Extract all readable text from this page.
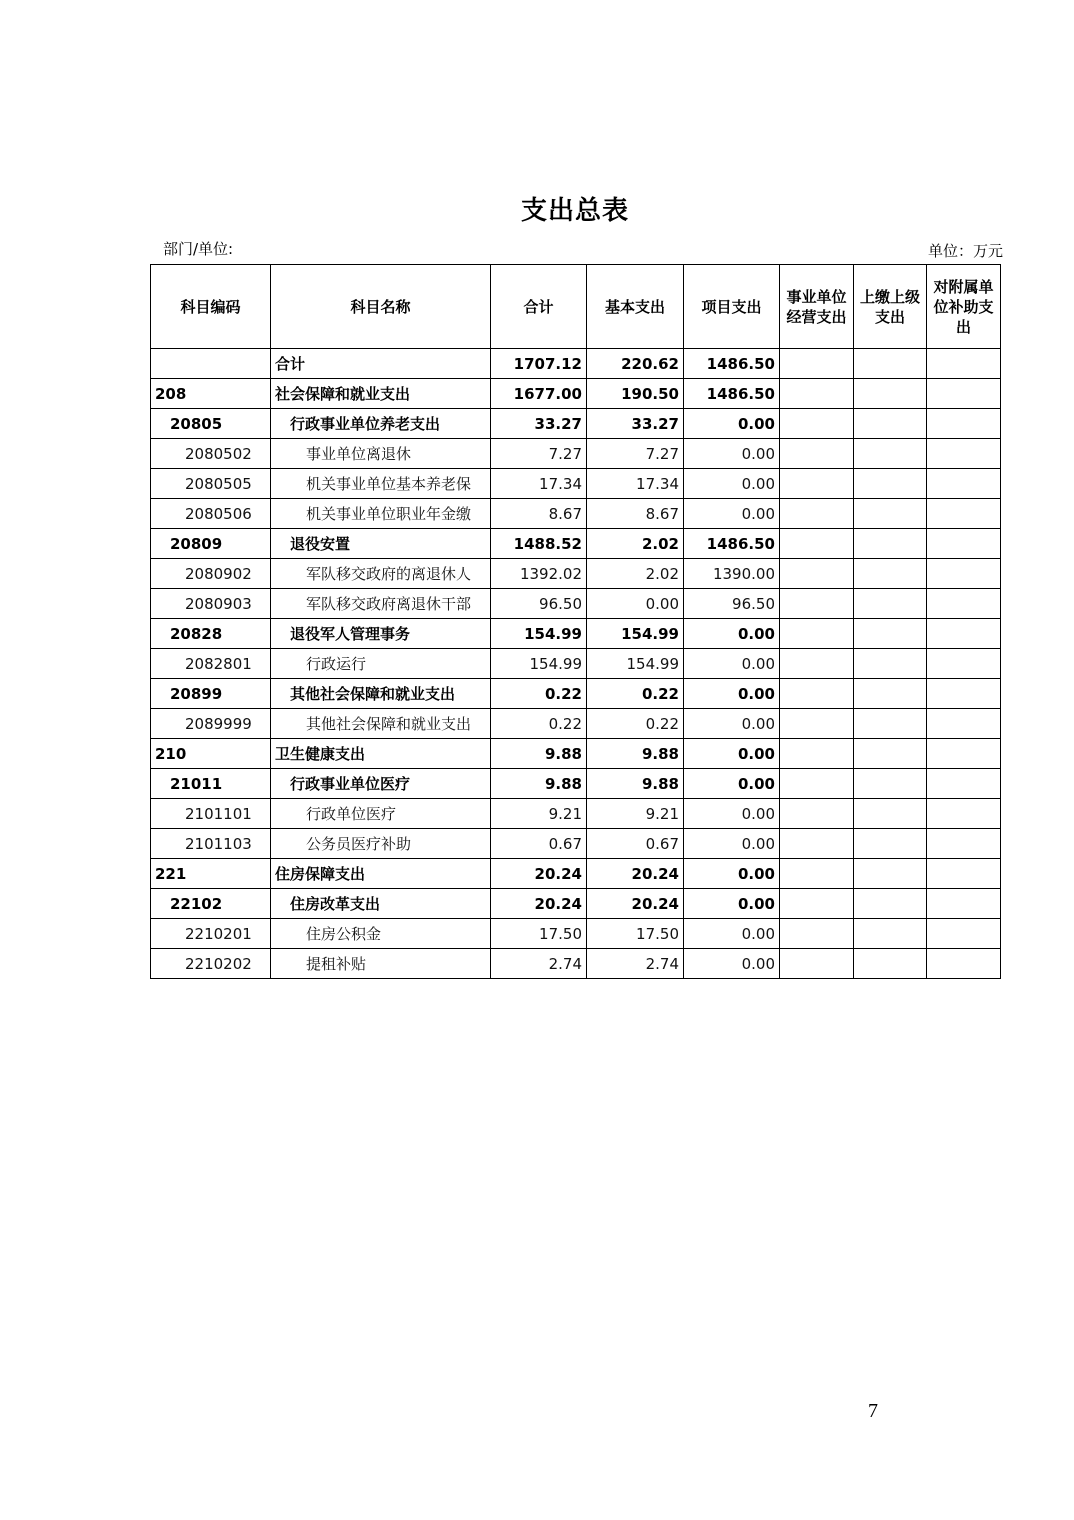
支出总表
部门/单位:	单位：万元
科目编码	科目名称	合计	基本支出	项目支出	事业单位经营支出	上缴上级支出	对附属单位补助支出
	合计	1707.12	220.62	1486.50			
208	社会保障和就业支出	1677.00	190.50	1486.50			
20805	行政事业单位养老支出	33.27	33.27	0.00			
2080502	事业单位离退休	7.27	7.27	0.00			
2080505	机关事业单位基本养老保	17.34	17.34	0.00			
2080506	机关事业单位职业年金缴	8.67	8.67	0.00			
20809	退役安置	1488.52	2.02	1486.50			
2080902	军队移交政府的离退休人	1392.02	2.02	1390.00			
2080903	军队移交政府离退休干部	96.50	0.00	96.50			
20828	退役军人管理事务	154.99	154.99	0.00			
2082801	行政运行	154.99	154.99	0.00			
20899	其他社会保障和就业支出	0.22	0.22	0.00			
2089999	其他社会保障和就业支出	0.22	0.22	0.00			
210	卫生健康支出	9.88	9.88	0.00			
21011	行政事业单位医疗	9.88	9.88	0.00			
2101101	行政单位医疗	9.21	9.21	0.00			
2101103	公务员医疗补助	0.67	0.67	0.00			
221	住房保障支出	20.24	20.24	0.00			
22102	住房改革支出	20.24	20.24	0.00			
2210201	住房公积金	17.50	17.50	0.00			
2210202	提租补贴	2.74	2.74	0.00			
7
